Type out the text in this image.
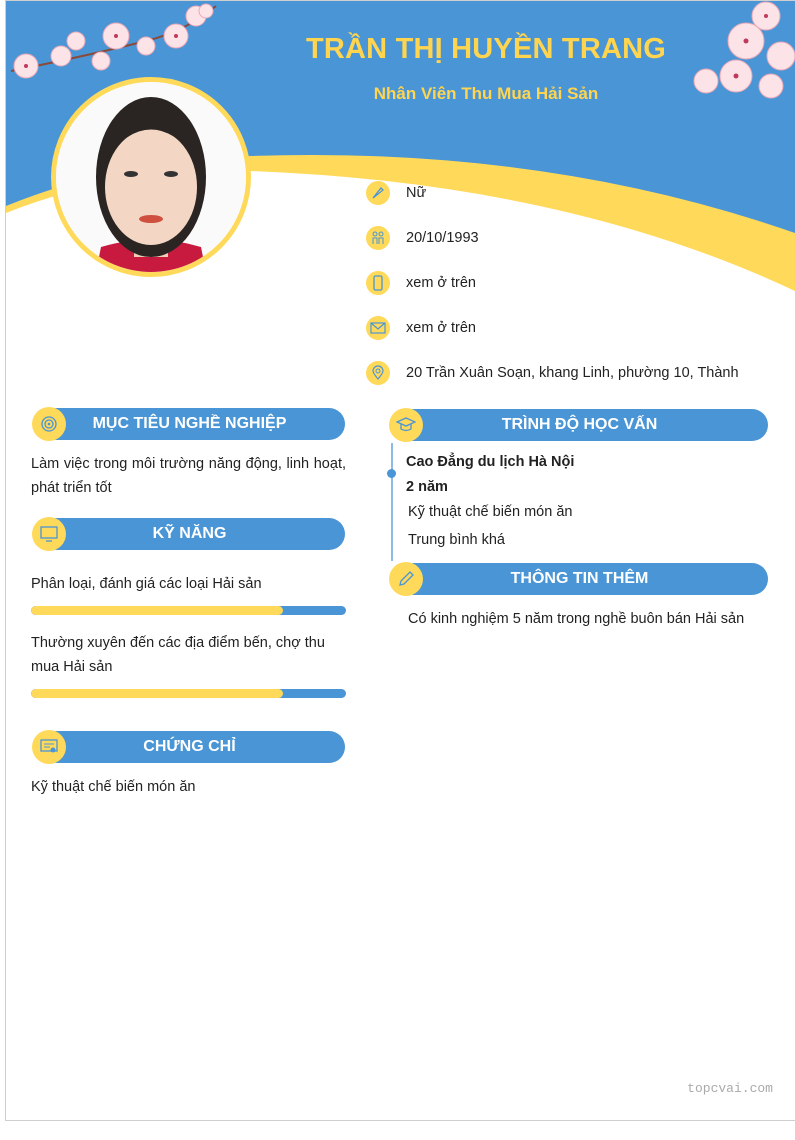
TRẦN THỊ HUYỀN TRANG
Nhân Viên Thu Mua Hải Sản
Nữ
20/10/1993
xem ở trên
xem ở trên
20 Trần Xuân Soạn, khang Linh, phường 10, Thành
MỤC TIÊU NGHỀ NGHIỆP
Làm việc trong môi trường năng động, linh hoạt, phát triển tốt
KỸ NĂNG
Phân loại, đánh giá các loại Hải sản
Thường xuyên đến các địa điểm bến, chợ thu mua Hải sản
CHỨNG CHỈ
Kỹ thuật chế biến món ăn
TRÌNH ĐỘ HỌC VẤN
Cao Đẳng du lịch Hà Nội
2 năm
Kỹ thuật chế biến món ăn
Trung bình khá
THÔNG TIN THÊM
Có kinh nghiệm 5 năm trong nghề buôn bán Hải sản
topcvai.com
